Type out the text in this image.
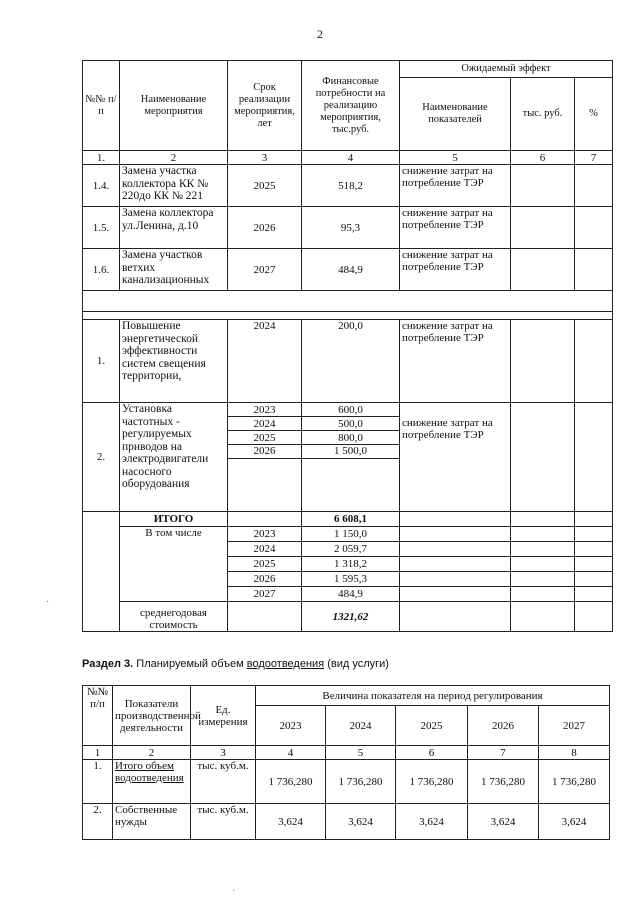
2
№№ п/п	Наименование мероприятия	Срок реализации мероприятия, лет	Финансовые потребности на реализацию мероприятия, тыс.руб.	Ожидаемый эффект		
				Наименование показателей	тыс. руб.	%
1.	2	3	4	5	6	7
1.4.	Замена участка коллектора КК № 220до КК № 221	2025	518,2	снижение затрат на потребление ТЭР		
1.5.	Замена коллектора ул.Ленина, д.10	2026	95,3	снижение затрат на потребление ТЭР		
1.6.	Замена участков ветхих канализационных	2027	484,9	снижение затрат на потребление ТЭР		

1.	Повышение энергетической эффективности систем свещения территории,	2024	200,0	снижение затрат на потребление ТЭР		
2.	Установка частотных - регулируемых приводов на электродвигатели насосного оборудования	2023	600,0	снижение затрат на потребление ТЭР		
		2024	500,0			
		2025	800,0			
		2026	1 500,0			

	ИТОГО		6 608,1			
	В том числе	2023	1 150,0			
		2024	2 059,7			
		2025	1 318,2			
		2026	1 595,3			
		2027	484,9			
	среднегодовая стоимость		1321,62			
Раздел 3. Планируемый объем водоотведения (вид услуги)
№№ п/п	Показатели производственной деятельности	Ед. измерения	Величина показателя на период регулирования				
			2023	2024	2025	2026	2027
1	2	3	4	5	6	7	8
1.	Итого объем водоотведения	тыс. куб.м.	1 736,280	1 736,280	1 736,280	1 736,280	1 736,280
2.	Собственные нужды	тыс. куб.м.	3,624	3,624	3,624	3,624	3,624
·
·
